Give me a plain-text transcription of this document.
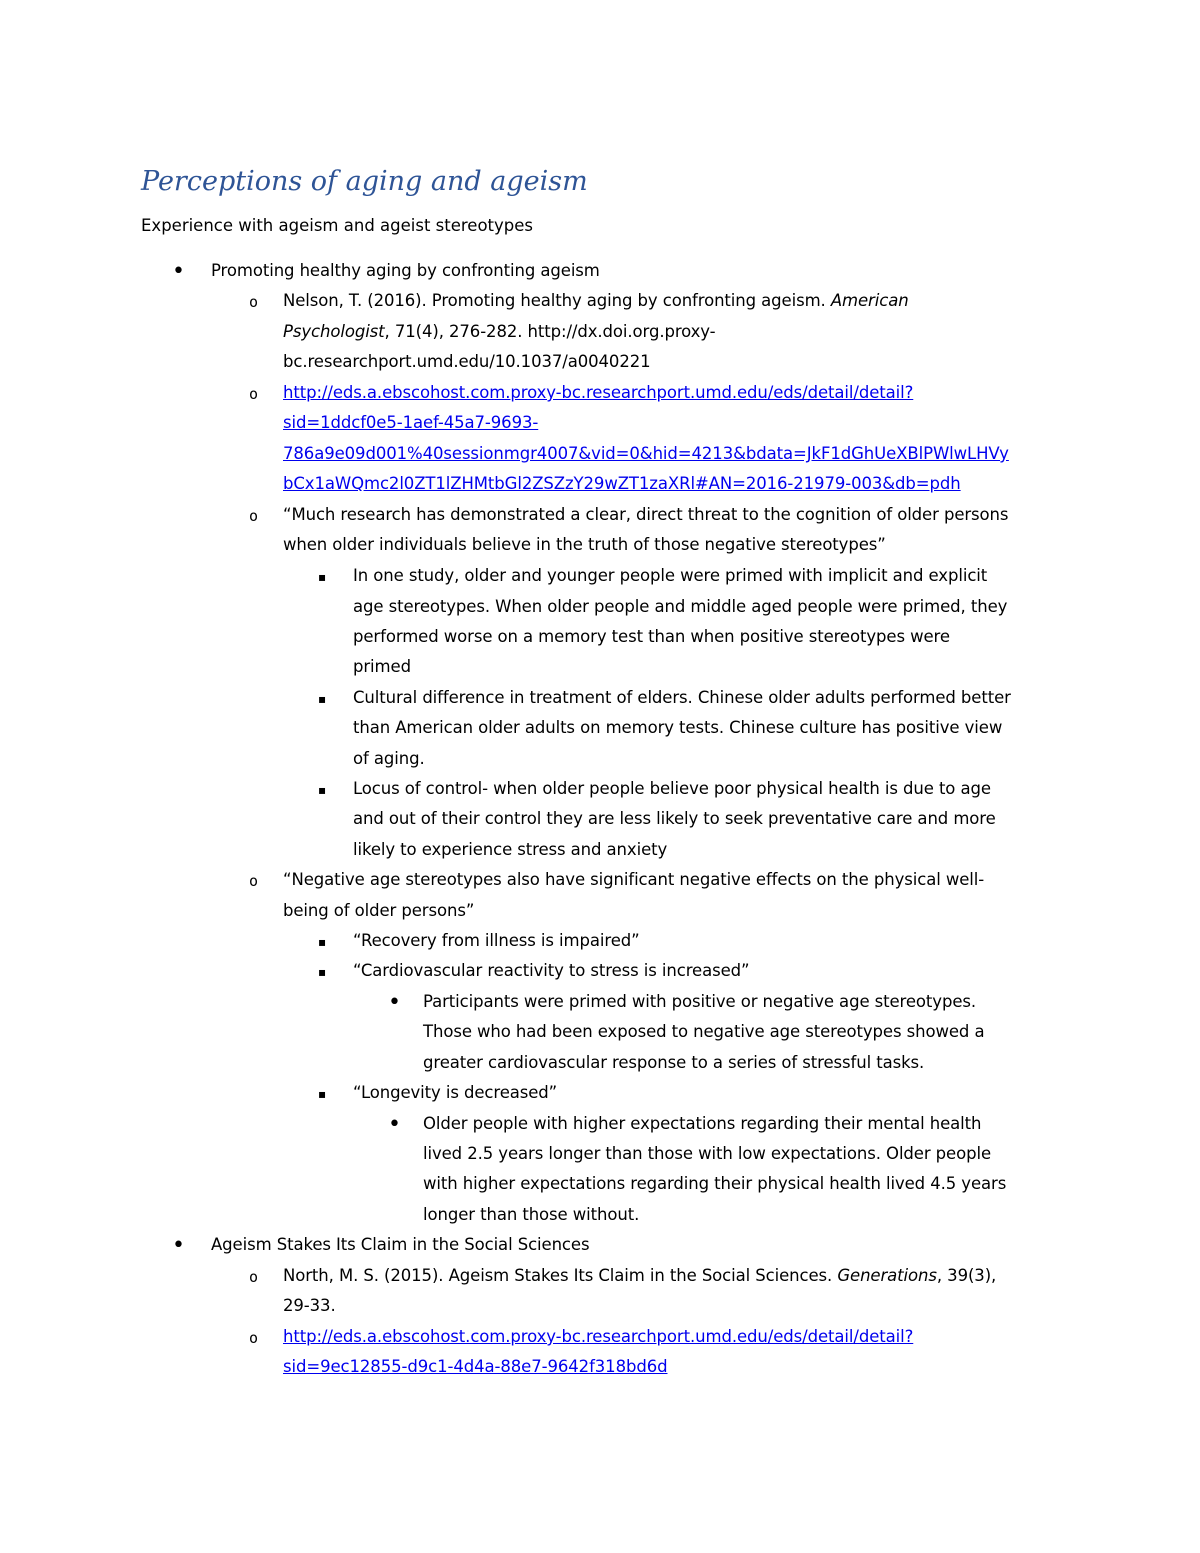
Perceptions of aging and ageism
Experience with ageism and ageist stereotypes
• Promoting healthy aging by confronting ageism
o Nelson, T. (2016). Promoting healthy aging by confronting ageism. American
Psychologist, 71(4), 276-282. http://dx.doi.org.proxy-
bc.researchport.umd.edu/10.1037/a0040221
o http://eds.a.ebscohost.com.proxy-bc.researchport.umd.edu/eds/detail/detail?
sid=1ddcf0e5-1aef-45a7-9693-
786a9e09d001%40sessionmgr4007&vid=0&hid=4213&bdata=JkF1dGhUeXBlPWlwLHVy
bCx1aWQmc2l0ZT1lZHMtbGl2ZSZzY29wZT1zaXRl#AN=2016-21979-003&db=pdh
o “Much research has demonstrated a clear, direct threat to the cognition of older persons
when older individuals believe in the truth of those negative stereotypes”
▪ In one study, older and younger people were primed with implicit and explicit
age stereotypes. When older people and middle aged people were primed, they
performed worse on a memory test than when positive stereotypes were
primed
▪ Cultural difference in treatment of elders. Chinese older adults performed better
than American older adults on memory tests. Chinese culture has positive view
of aging.
▪ Locus of control- when older people believe poor physical health is due to age
and out of their control they are less likely to seek preventative care and more
likely to experience stress and anxiety
o “Negative age stereotypes also have significant negative effects on the physical well-
being of older persons”
▪ “Recovery from illness is impaired”
▪ “Cardiovascular reactivity to stress is increased”
• Participants were primed with positive or negative age stereotypes.
Those who had been exposed to negative age stereotypes showed a
greater cardiovascular response to a series of stressful tasks.
▪ “Longevity is decreased”
• Older people with higher expectations regarding their mental health
lived 2.5 years longer than those with low expectations. Older people
with higher expectations regarding their physical health lived 4.5 years
longer than those without.
• Ageism Stakes Its Claim in the Social Sciences
o North, M. S. (2015). Ageism Stakes Its Claim in the Social Sciences. Generations, 39(3),
29-33.
o http://eds.a.ebscohost.com.proxy-bc.researchport.umd.edu/eds/detail/detail?
sid=9ec12855-d9c1-4d4a-88e7-9642f318bd6d
